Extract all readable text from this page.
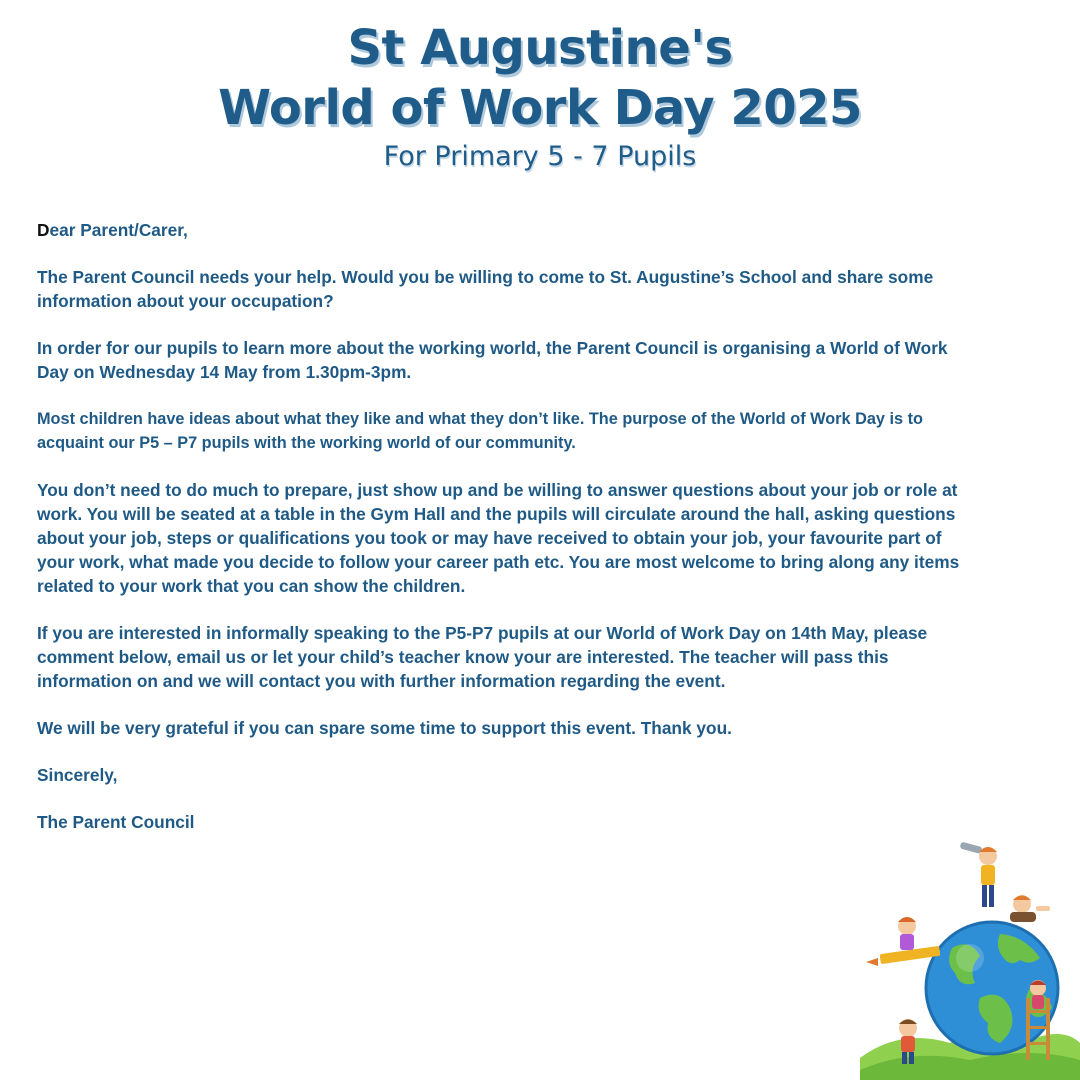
St Augustine's
World of Work Day 2025

For Primary 5 - 7 Pupils

Dear Parent/Carer,

The Parent Council needs your help. Would you be willing to come to St. Augustine’s School and share some information about your occupation?

In order for our pupils to learn more about the working world, the Parent Council is organising a World of Work Day on Wednesday 14 May from 1.30pm-3pm.

Most children have ideas about what they like and what they don’t like. The purpose of the World of Work Day is to acquaint our P5 – P7 pupils with the working world of our community.

You don’t need to do much to prepare, just show up and be willing to answer questions about your job or role at work. You will be seated at a table in the Gym Hall and the pupils will circulate around the hall, asking questions about your job, steps or qualifications you took or may have received to obtain your job, your favourite part of your work, what made you decide to follow your career path etc. You are most welcome to bring along any items related to your work that you can show the children.

If you are interested in informally speaking to the P5-P7 pupils at our World of Work Day on 14th May, please comment below, email us or let your child’s teacher know your are interested. The teacher will pass this information on and we will contact you with further information regarding the event.

We will be very grateful if you can spare some time to support this event. Thank you.

Sincerely,

The Parent Council
